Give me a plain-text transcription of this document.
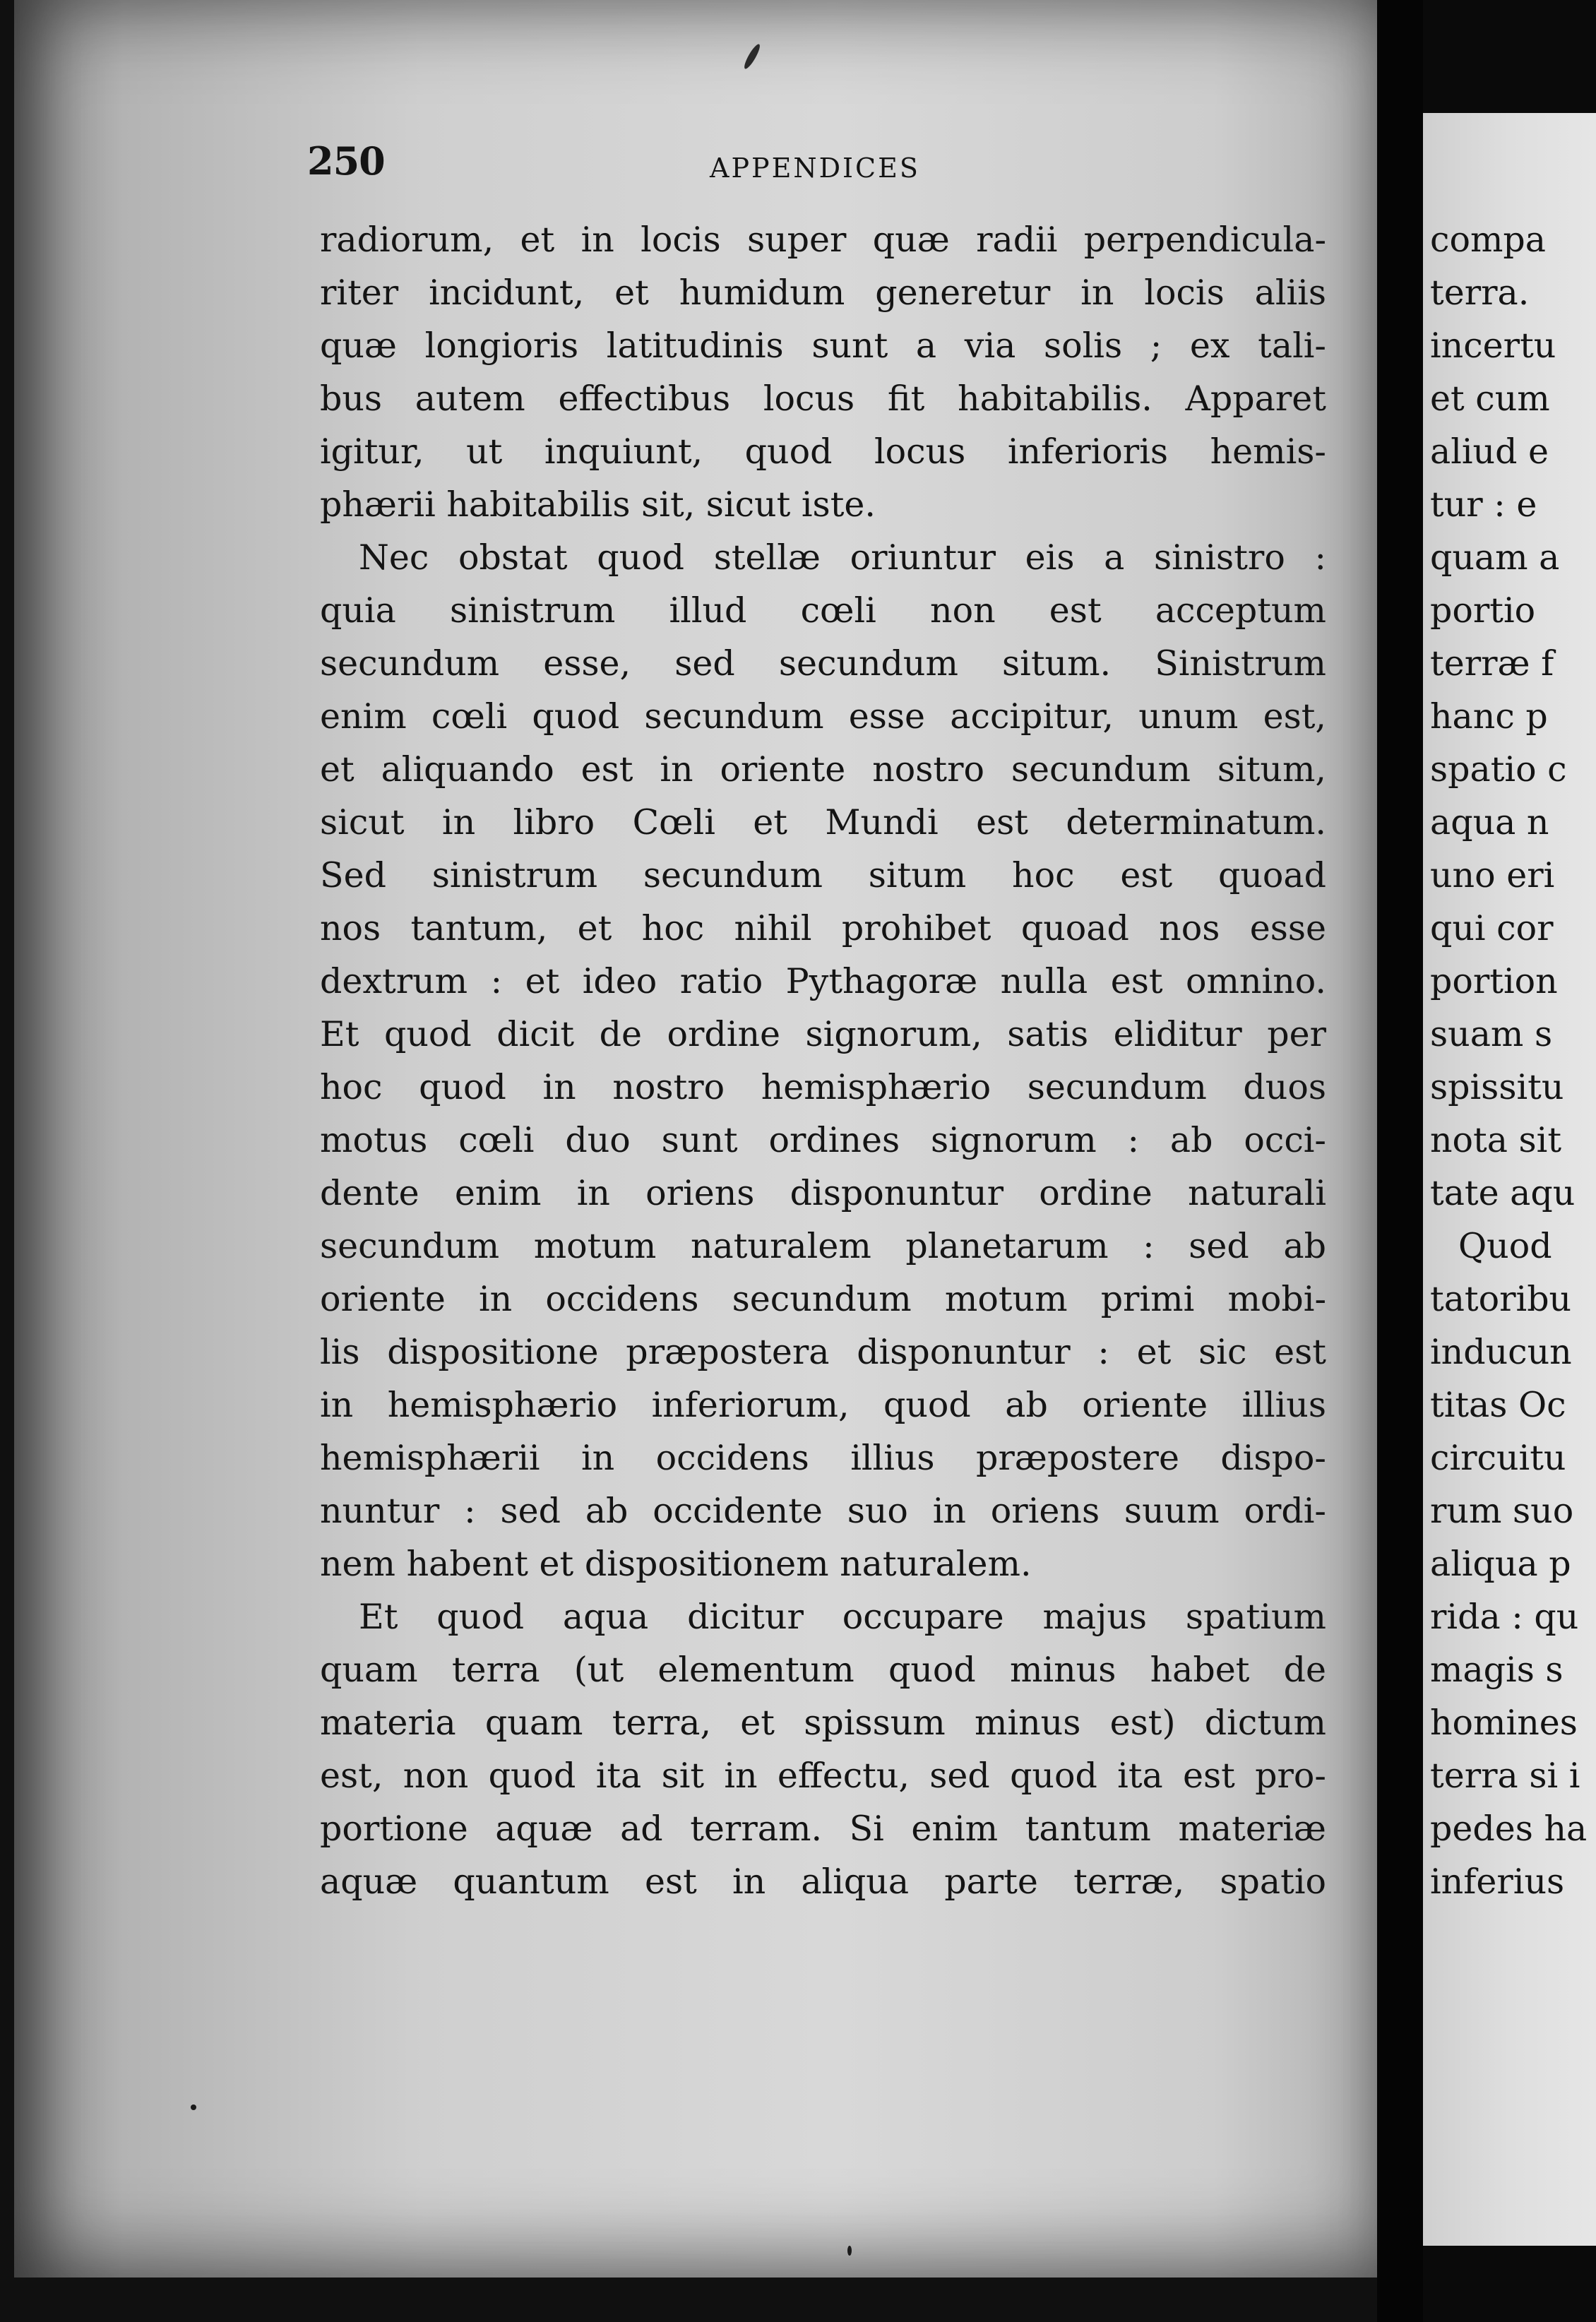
compa
terra.
incertu
et cum
aliud e
tur : e
quam a
portio
terræ f
hanc p
spatio c
aqua n
uno eri
qui cor
portion
suam s
spissitu
nota sit
tate aqu
Quod
tatoribu
inducun
titas Oc
circuitu
rum suo
aliqua p
rida : qu
magis s
homines
terra si i
pedes ha
inferius
250	APPENDICES
radiorum, et in locis super quæ radii perpendicula-
riter incidunt, et humidum generetur in locis aliis
quæ longioris latitudinis sunt a via solis ; ex tali-
bus autem effectibus locus fit habitabilis. Apparet
igitur, ut inquiunt, quod locus inferioris hemis-
phærii habitabilis sit, sicut iste.
Nec obstat quod stellæ oriuntur eis a sinistro :
quia sinistrum illud cœli non est acceptum
secundum esse, sed secundum situm. Sinistrum
enim cœli quod secundum esse accipitur, unum est,
et aliquando est in oriente nostro secundum situm,
sicut in libro Cœli et Mundi est determinatum.
Sed sinistrum secundum situm hoc est quoad
nos tantum, et hoc nihil prohibet quoad nos esse
dextrum : et ideo ratio Pythagoræ nulla est omnino.
Et quod dicit de ordine signorum, satis eliditur per
hoc quod in nostro hemisphærio secundum duos
motus cœli duo sunt ordines signorum : ab occi-
dente enim in oriens disponuntur ordine naturali
secundum motum naturalem planetarum : sed ab
oriente in occidens secundum motum primi mobi-
lis dispositione præpostera disponuntur : et sic est
in hemisphærio inferiorum, quod ab oriente illius
hemisphærii in occidens illius præpostere dispo-
nuntur : sed ab occidente suo in oriens suum ordi-
nem habent et dispositionem naturalem.
Et quod aqua dicitur occupare majus spatium
quam terra (ut elementum quod minus habet de
materia quam terra, et spissum minus est) dictum
est, non quod ita sit in effectu, sed quod ita est pro-
portione aquæ ad terram. Si enim tantum materiæ
aquæ quantum est in aliqua parte terræ, spatio
